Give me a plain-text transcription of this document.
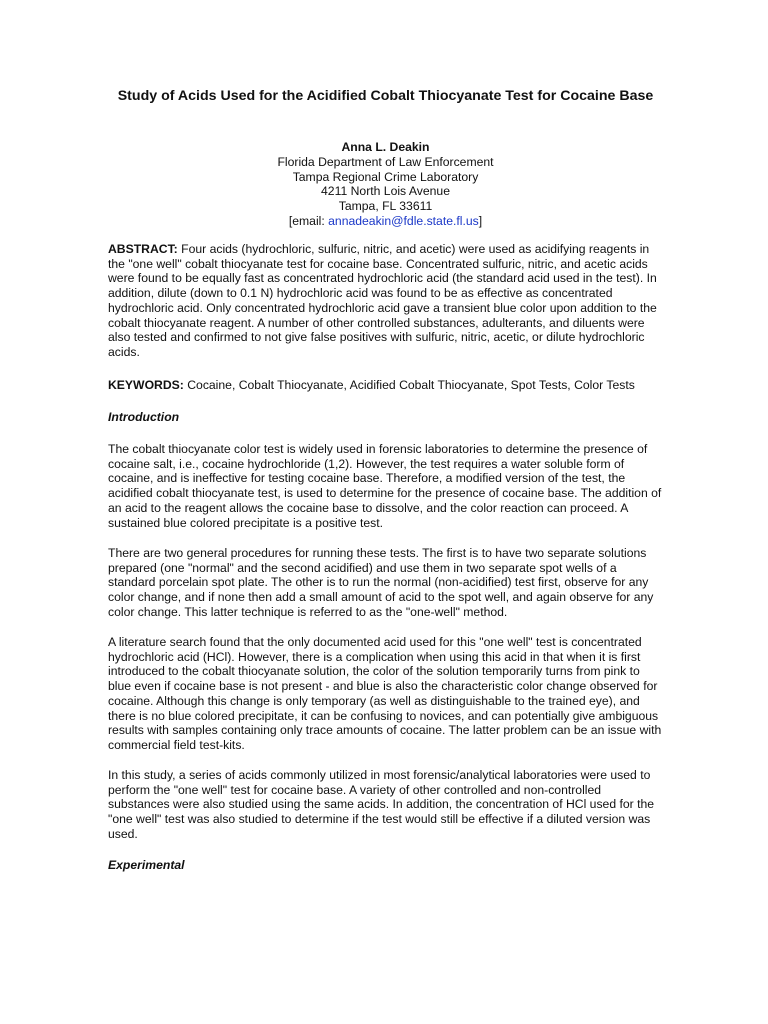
Study of Acids Used for the Acidified Cobalt Thiocyanate Test for Cocaine Base
Anna L. Deakin
Florida Department of Law Enforcement
Tampa Regional Crime Laboratory
4211 North Lois Avenue
Tampa, FL 33611
[email: annadeakin@fdle.state.fl.us]

ABSTRACT: Four acids (hydrochloric, sulfuric, nitric, and acetic) were used as acidifying reagents in the "one well" cobalt thiocyanate test for cocaine base. Concentrated sulfuric, nitric, and acetic acids were found to be equally fast as concentrated hydrochloric acid (the standard acid used in the test). In addition, dilute (down to 0.1 N) hydrochloric acid was found to be as effective as concentrated hydrochloric acid. Only concentrated hydrochloric acid gave a transient blue color upon addition to the cobalt thiocyanate reagent. A number of other controlled substances, adulterants, and diluents were also tested and confirmed to not give false positives with sulfuric, nitric, acetic, or dilute hydrochloric acids.

KEYWORDS: Cocaine, Cobalt Thiocyanate, Acidified Cobalt Thiocyanate, Spot Tests, Color Tests

Introduction

The cobalt thiocyanate color test is widely used in forensic laboratories to determine the presence of cocaine salt, i.e., cocaine hydrochloride (1,2). However, the test requires a water soluble form of cocaine, and is ineffective for testing cocaine base. Therefore, a modified version of the test, the acidified cobalt thiocyanate test, is used to determine for the presence of cocaine base. The addition of an acid to the reagent allows the cocaine base to dissolve, and the color reaction can proceed. A sustained blue colored precipitate is a positive test.

There are two general procedures for running these tests. The first is to have two separate solutions prepared (one "normal" and the second acidified) and use them in two separate spot wells of a standard porcelain spot plate. The other is to run the normal (non-acidified) test first, observe for any color change, and if none then add a small amount of acid to the spot well, and again observe for any color change. This latter technique is referred to as the "one-well" method.

A literature search found that the only documented acid used for this "one well" test is concentrated hydrochloric acid (HCl). However, there is a complication when using this acid in that when it is first introduced to the cobalt thiocyanate solution, the color of the solution temporarily turns from pink to blue even if cocaine base is not present - and blue is also the characteristic color change observed for cocaine. Although this change is only temporary (as well as distinguishable to the trained eye), and there is no blue colored precipitate, it can be confusing to novices, and can potentially give ambiguous results with samples containing only trace amounts of cocaine. The latter problem can be an issue with commercial field test-kits.

In this study, a series of acids commonly utilized in most forensic/analytical laboratories were used to perform the "one well" test for cocaine base. A variety of other controlled and non-controlled substances were also studied using the same acids. In addition, the concentration of HCl used for the "one well" test was also studied to determine if the test would still be effective if a diluted version was used.

Experimental
